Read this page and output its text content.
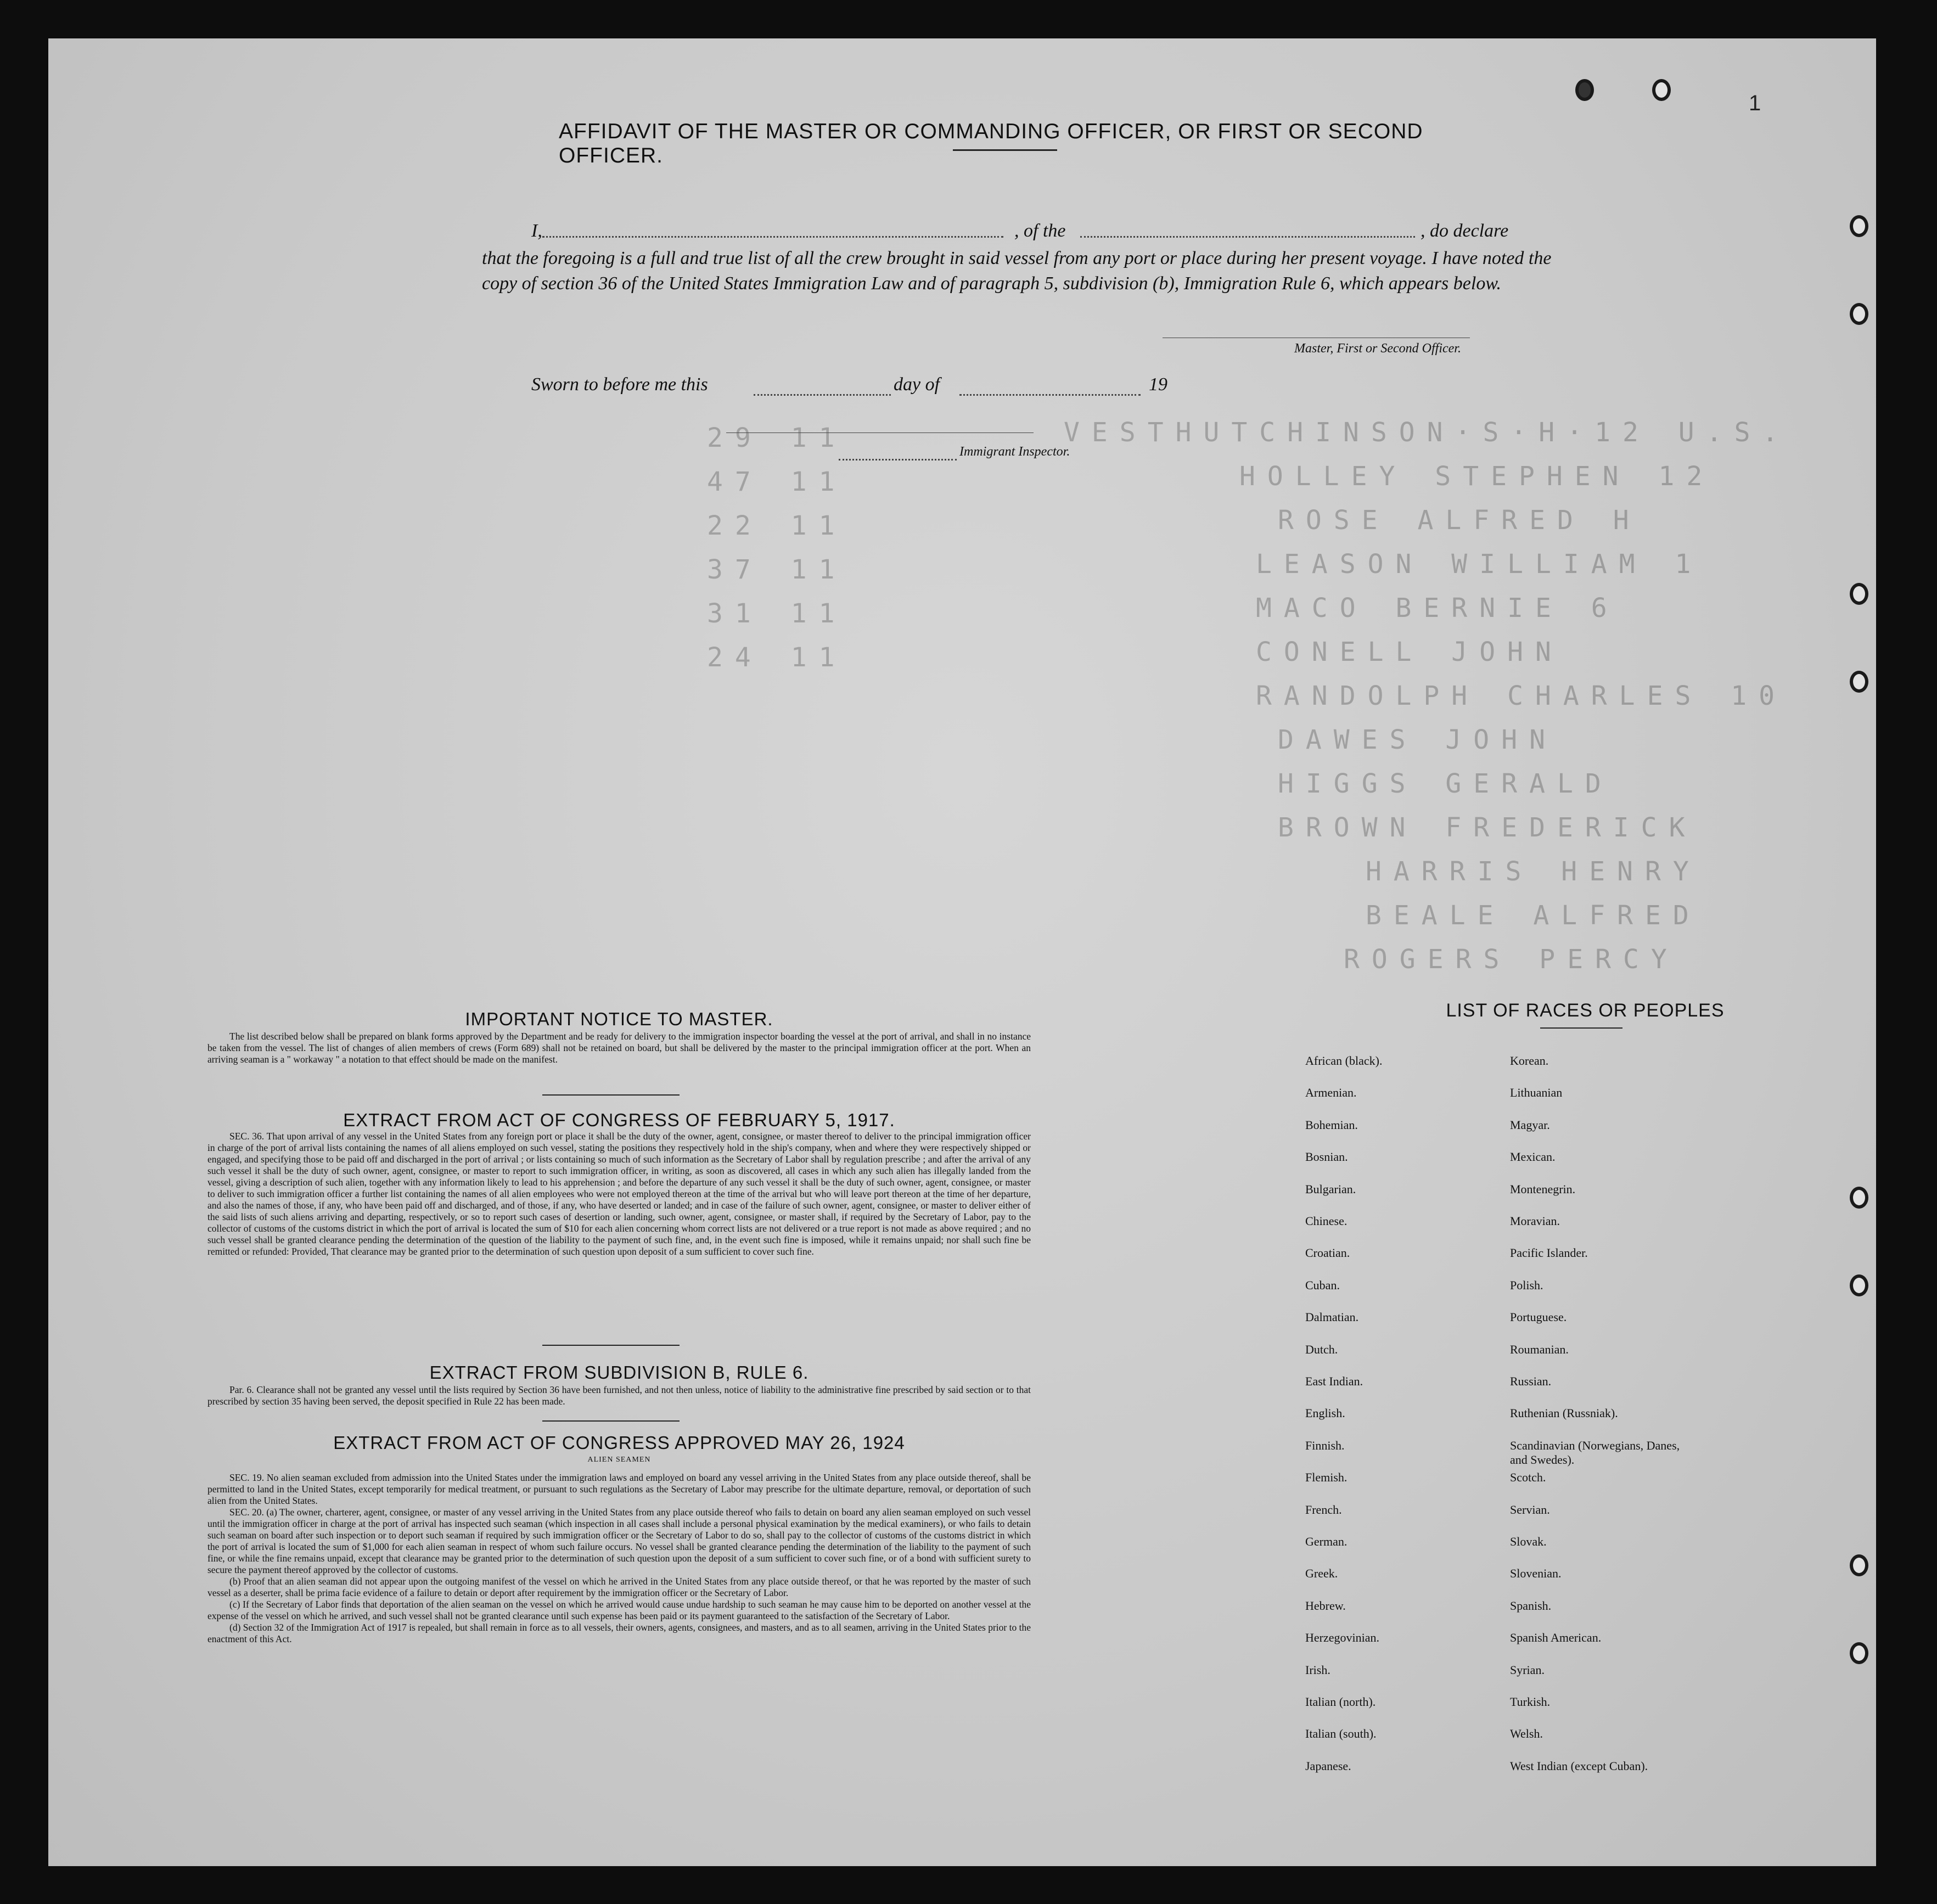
1
VESTHUTCHINSON·S·H·12 U.S.
HOLLEY STEPHEN 12
ROSE ALFRED H
LEASON WILLIAM 1
MACO BERNIE 6
CONELL JOHN
RANDOLPH CHARLES 10
DAWES JOHN
HIGGS GERALD
BROWN FREDERICK
HARRIS HENRY
BEALE ALFRED
ROGERS PERCY
29 11
47 11
22 11
37 11
31 11
24 11
AFFIDAVIT OF THE MASTER OR COMMANDING OFFICER, OR FIRST OR SECOND OFFICER.
I,	, of the	, do declare
that the foregoing is a full and true list of all the crew brought in said vessel from any port or place during her present voyage. I have noted the copy of section 36 of the United States Immigration Law and of paragraph 5, subdivision (b), Immigration Rule 6, which appears below.
Master, First or Second Officer.
Sworn to before me this	day of	19
Immigrant Inspector.
IMPORTANT NOTICE TO MASTER.

The list described below shall be prepared on blank forms approved by the Department and be ready for delivery to the immigration inspector boarding the vessel at the port of arrival, and shall in no instance be taken from the vessel. The list of changes of alien members of crews (Form 689) shall not be retained on board, but shall be delivered by the master to the principal immigration officer at the port. When an arriving seaman is a " workaway " a notation to that effect should be made on the manifest.

EXTRACT FROM ACT OF CONGRESS OF FEBRUARY 5, 1917.

SEC. 36. That upon arrival of any vessel in the United States from any foreign port or place it shall be the duty of the owner, agent, consignee, or master thereof to deliver to the principal immigration officer in charge of the port of arrival lists containing the names of all aliens employed on such vessel, stating the positions they respectively hold in the ship's company, when and where they were respectively shipped or engaged, and specifying those to be paid off and discharged in the port of arrival ; or lists containing so much of such information as the Secretary of Labor shall by regulation prescribe ; and after the arrival of any such vessel it shall be the duty of such owner, agent, consignee, or master to report to such immigration officer, in writing, as soon as discovered, all cases in which any such alien has illegally landed from the vessel, giving a description of such alien, together with any information likely to lead to his apprehension ; and before the departure of any such vessel it shall be the duty of such owner, agent, consignee, or master to deliver to such immigration officer a further list containing the names of all alien employees who were not employed thereon at the time of the arrival but who will leave port thereon at the time of her departure, and also the names of those, if any, who have been paid off and discharged, and of those, if any, who have deserted or landed; and in case of the failure of such owner, agent, consignee, or master to deliver either of the said lists of such aliens arriving and departing, respectively, or so to report such cases of desertion or landing, such owner, agent, consignee, or master shall, if required by the Secretary of Labor, pay to the collector of customs of the customs district in which the port of arrival is located the sum of $10 for each alien concerning whom correct lists are not delivered or a true report is not made as above required ; and no such vessel shall be granted clearance pending the determination of the question of the liability to the payment of such fine, and, in the event such fine is imposed, while it remains unpaid; nor shall such fine be remitted or refunded: Provided, That clearance may be granted prior to the determination of such question upon deposit of a sum sufficient to cover such fine.

EXTRACT FROM SUBDIVISION B, RULE 6.

Par. 6. Clearance shall not be granted any vessel until the lists required by Section 36 have been furnished, and not then unless, notice of liability to the administrative fine prescribed by said section or to that prescribed by section 35 having been served, the deposit specified in Rule 22 has been made.

EXTRACT FROM ACT OF CONGRESS APPROVED MAY 26, 1924
ALIEN SEAMEN

SEC. 19. No alien seaman excluded from admission into the United States under the immigration laws and employed on board any vessel arriving in the United States from any place outside thereof, shall be permitted to land in the United States, except temporarily for medical treatment, or pursuant to such regulations as the Secretary of Labor may prescribe for the ultimate departure, removal, or deportation of such alien from the United States.

SEC. 20. (a) The owner, charterer, agent, consignee, or master of any vessel arriving in the United States from any place outside thereof who fails to detain on board any alien seaman employed on such vessel until the immigration officer in charge at the port of arrival has inspected such seaman (which inspection in all cases shall include a personal physical examination by the medical examiners), or who fails to detain such seaman on board after such inspection or to deport such seaman if required by such immigration officer or the Secretary of Labor to do so, shall pay to the collector of customs of the customs district in which the port of arrival is located the sum of $1,000 for each alien seaman in respect of whom such failure occurs. No vessel shall be granted clearance pending the determination of the liability to the payment of such fine, or while the fine remains unpaid, except that clearance may be granted prior to the determination of such question upon the deposit of a sum sufficient to cover such fine, or of a bond with sufficient surety to secure the payment thereof approved by the collector of customs.

(b) Proof that an alien seaman did not appear upon the outgoing manifest of the vessel on which he arrived in the United States from any place outside thereof, or that he was reported by the master of such vessel as a deserter, shall be prima facie evidence of a failure to detain or deport after requirement by the immigration officer or the Secretary of Labor.

(c) If the Secretary of Labor finds that deportation of the alien seaman on the vessel on which he arrived would cause undue hardship to such seaman he may cause him to be deported on another vessel at the expense of the vessel on which he arrived, and such vessel shall not be granted clearance until such expense has been paid or its payment guaranteed to the satisfaction of the Secretary of Labor.

(d) Section 32 of the Immigration Act of 1917 is repealed, but shall remain in force as to all vessels, their owners, agents, consignees, and masters, and as to all seamen, arriving in the United States prior to the enactment of this Act.

LIST OF RACES OR PEOPLES
African (black).	Korean.
Armenian.	Lithuanian
Bohemian.	Magyar.
Bosnian.	Mexican.
Bulgarian.	Montenegrin.
Chinese.	Moravian.
Croatian.	Pacific Islander.
Cuban.	Polish.
Dalmatian.	Portuguese.
Dutch.	Roumanian.
East Indian.	Russian.
English.	Ruthenian (Russniak).
Finnish.	Scandinavian (Norwegians, Danes, and Swedes).
Flemish.	Scotch.
French.	Servian.
German.	Slovak.
Greek.	Slovenian.
Hebrew.	Spanish.
Herzegovinian.	Spanish American.
Irish.	Syrian.
Italian (north).	Turkish.
Italian (south).	Welsh.
Japanese.	West Indian (except Cuban).
